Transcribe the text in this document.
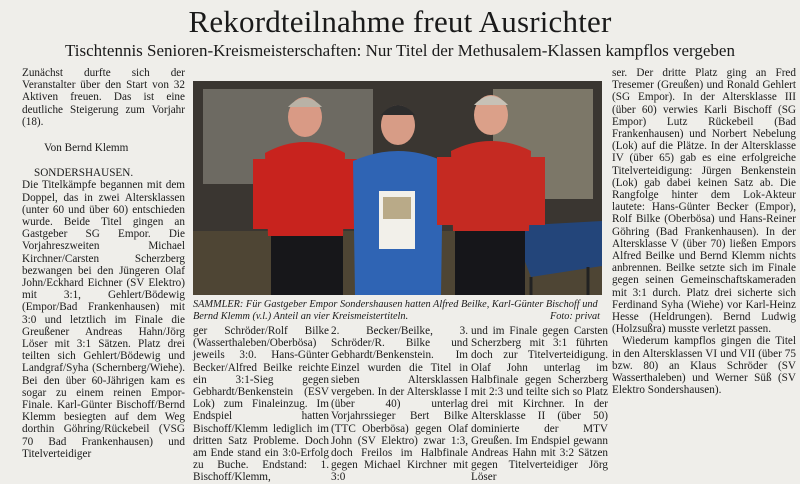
Rekordteilnahme freut Ausrichter
Tischtennis Senioren-Kreismeisterschaften: Nur Titel der Methusalem-Klassen kampflos vergeben

Zunächst durfte sich der Veranstalter über den Start von 32 Aktiven freuen. Das ist eine deutliche Steigerung zum Vorjahr (18).

Von Bernd Klemm

SONDERSHAUSEN.

Die Titelkämpfe begannen mit dem Doppel, das in zwei Altersklassen (unter 60 und über 60) entschieden wurde. Beide Titel gingen an Gastgeber SG Empor. Die Vorjahreszweiten Michael Kirchner/Carsten Scherzberg bezwangen bei den Jüngeren Olaf John/Eckhard Eichner (SV Elektro) mit 3:1, Gehlert/Bödewig (Empor/Bad Frankenhausen) mit 3:0 und letztlich im Finale die Greußener Andreas Hahn/Jörg Löser mit 3:1 Sätzen. Platz drei teilten sich Gehlert/Bödewig und Landgraf/Syha (Schernberg/Wiehe). Bei den über 60-Jährigen kam es sogar zu einem reinen Empor-Finale. Karl-Günter Bischoff/Bernd Klemm besiegten auf dem Weg dorthin Göhring/Rückebeil (VSG 70 Bad Frankenhausen) und Titelverteidiger

SAMMLER: Für Gastgeber Empor Sondershausen hatten Alfred Beilke, Karl-Günter Bischoff und Bernd Klemm (v.l.) Anteil an vier Kreismeistertiteln.	Foto: privat

ger Schröder/Rolf Bilke (Wasserthaleben/Oberbösa) jeweils 3:0. Hans-Günter Becker/Alfred Beilke reichte ein 3:1-Sieg gegen Gebhardt/Benkenstein (ESV Lok) zum Finaleinzug. Im Endspiel hatten Bischoff/Klemm lediglich im dritten Satz Probleme. Doch am Ende stand ein 3:0-Erfolg zu Buche. Endstand: 1. Bischoff/Klemm,

2. Becker/Beilke, 3. Schröder/R. Bilke und Gebhardt/Benkenstein. Im Einzel wurden die Titel in sieben Altersklassen vergeben. In der Altersklasse I (über 40) unterlag Vorjahrssieger Bert Bilke (TTC Oberbösa) gegen Olaf John (SV Elektro) zwar 1:3, doch Freilos im Halbfinale gegen Michael Kirchner mit 3:0

und im Finale gegen Carsten Scherzberg mit 3:1 führten doch zur Titelverteidigung. Olaf John unterlag im Halbfinale gegen Scherzberg mit 2:3 und teilte sich so Platz drei mit Kirchner. In der Altersklasse II (über 50) dominierte der MTV Greußen. Im Endspiel gewann Andreas Hahn mit 3:2 Sätzen gegen Titelverteidiger Jörg Löser

ser. Der dritte Platz ging an Fred Tresemer (Greußen) und Ronald Gehlert (SG Empor). In der Altersklasse III (über 60) verwies Karli Bischoff (SG Empor) Lutz Rückebeil (Bad Frankenhausen) und Norbert Nebelung (Lok) auf die Plätze. In der Altersklasse IV (über 65) gab es eine erfolgreiche Titelverteidigung: Jürgen Benkenstein (Lok) gab dabei keinen Satz ab. Die Rangfolge hinter dem Lok-Akteur lautete: Hans-Günter Becker (Empor), Rolf Bilke (Oberbösa) und Hans-Reiner Göhring (Bad Frankenhausen). In der Altersklasse V (über 70) ließen Empors Alfred Beilke und Bernd Klemm nichts anbrennen. Beilke setzte sich im Finale gegen seinen Gemeinschaftskameraden mit 3:1 durch. Platz drei sicherte sich Ferdinand Syha (Wiehe) vor Karl-Heinz Hesse (Heldrungen). Bernd Ludwig (Holzsußra) musste verletzt passen.

Wiederum kampflos gingen die Titel in den Altersklassen VI und VII (über 75 bzw. 80) an Klaus Schröder (SV Wasserthaleben) und Werner Süß (SV Elektro Sondershausen).
